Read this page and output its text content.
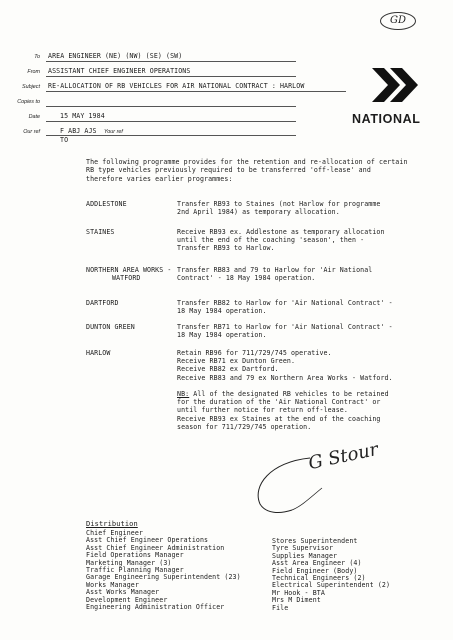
GD
To AREA ENGINEER (NE) (NW) (SE) (SW)
From ASSISTANT CHIEF ENGINEER OPERATIONS
Subject RE-ALLOCATION OF RB VEHICLES FOR AIR NATIONAL CONTRACT : HARLOW
Copies to
Date	15 MAY 1984
Our ref	F ABJ AJS Your ref
TO
NATIONAL
The following programme provides for the retention and re-allocation of certain
RB type vehicles previously required to be transferred 'off-lease' and
therefore varies earlier programmes:
ADDLESTONE	Transfer RB93 to Staines (not Harlow for programme
2nd April 1984) as temporary allocation.
STAINES	Receive RB93 ex. Addlestone as temporary allocation
until the end of the coaching 'season', then -
Transfer RB93 to Harlow.
NORTHERN AREA WORKS -
WATFORD
Transfer RB83 and 79 to Harlow for 'Air National
Contract' - 18 May 1984 operation.
DARTFORD	Transfer RB82 to Harlow for 'Air National Contract' -
18 May 1984 operation.
DUNTON GREEN	Transfer RB71 to Harlow for 'Air National Contract' -
18 May 1984 operation.
HARLOW	Retain RB96 for 711/729/745 operative.
Receive RB71 ex Dunton Green.
Receive RB82 ex Dartford.
Receive RB83 and 79 ex Northern Area Works - Watford.
NB: All of the designated RB vehicles to be retained
for the duration of the 'Air National Contract' or
until further notice for return off-lease.
Receive RB93 ex Staines at the end of the coaching
season for 711/729/745 operation.
G Stour
Distribution
Chief Engineer
Asst Chief Engineer Operations
Asst Chief Engineer Administration
Field Operations Manager
Marketing Manager (3)
Traffic Planning Manager
Garage Engineering Superintendent (23)
Works Manager
Asst Works Manager
Development Engineer
Engineering Administration Officer
Stores Superintendent
Tyre Supervisor
Supplies Manager
Asst Area Engineer (4)
Field Engineer (Body)
Technical Engineers (2)
Electrical Superintendent (2)
Mr Hook - BTA
Mrs M Diment
File
